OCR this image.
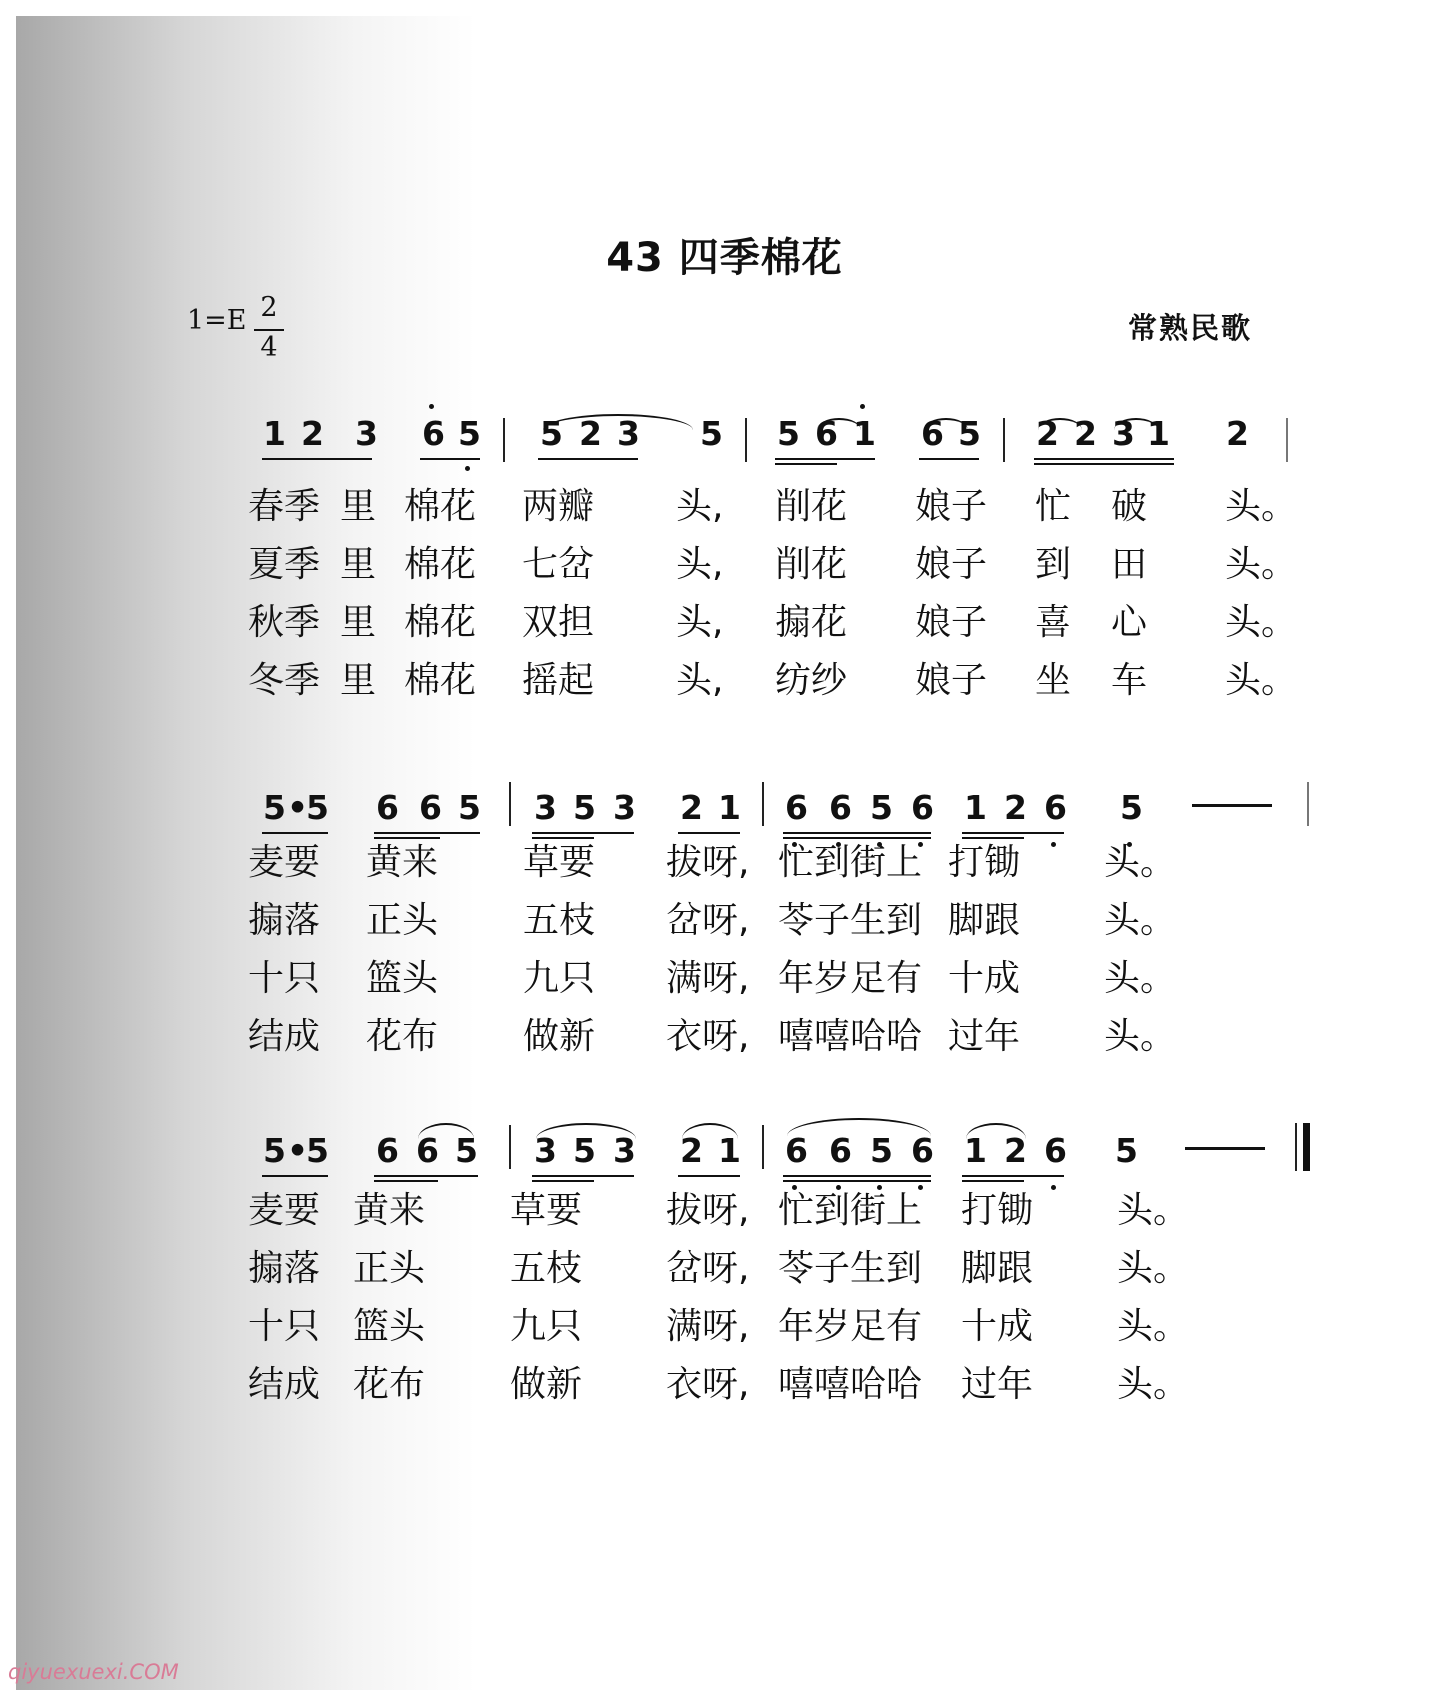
43 四季棉花
1=E 2
4
常熟民歌
1 2 3 6 5 5 2 3 5 5 6 1 6 5 2 2 3 1 2
春季 里 棉花 两瓣 头, 削花 娘子 忙 破 头。
夏季 里 棉花 七岔 头, 削花 娘子 到 田 头。
秋季 里 棉花 双担 头, 搧花 娘子 喜 心 头。
冬季 里 棉花 摇起 头, 纺纱 娘子 坐 车 头。
5 •
5 6 6 5 3 5 3 2 1 6 6 5 6 1 2 6 5
麦要 黄来 草要 拔呀, 忙到街上 打锄 头。
搧落 正头 五枝 岔呀, 苓子生到 脚跟 头。
十只 篮头 九只 满呀, 年岁足有 十成 头。
结成 花布 做新 衣呀, 嘻嘻哈哈 过年 头。
5 •
5 6 6 5 3 5 3 2 1 6 6 5 6 1 2 6 5
麦要 黄来 草要 拔呀, 忙到街上 打锄 头。
搧落 正头 五枝 岔呀, 苓子生到 脚跟 头。
十只 篮头 九只 满呀, 年岁足有 十成 头。
结成 花布 做新 衣呀, 嘻嘻哈哈 过年 头。
qiyuexuexi.COM
